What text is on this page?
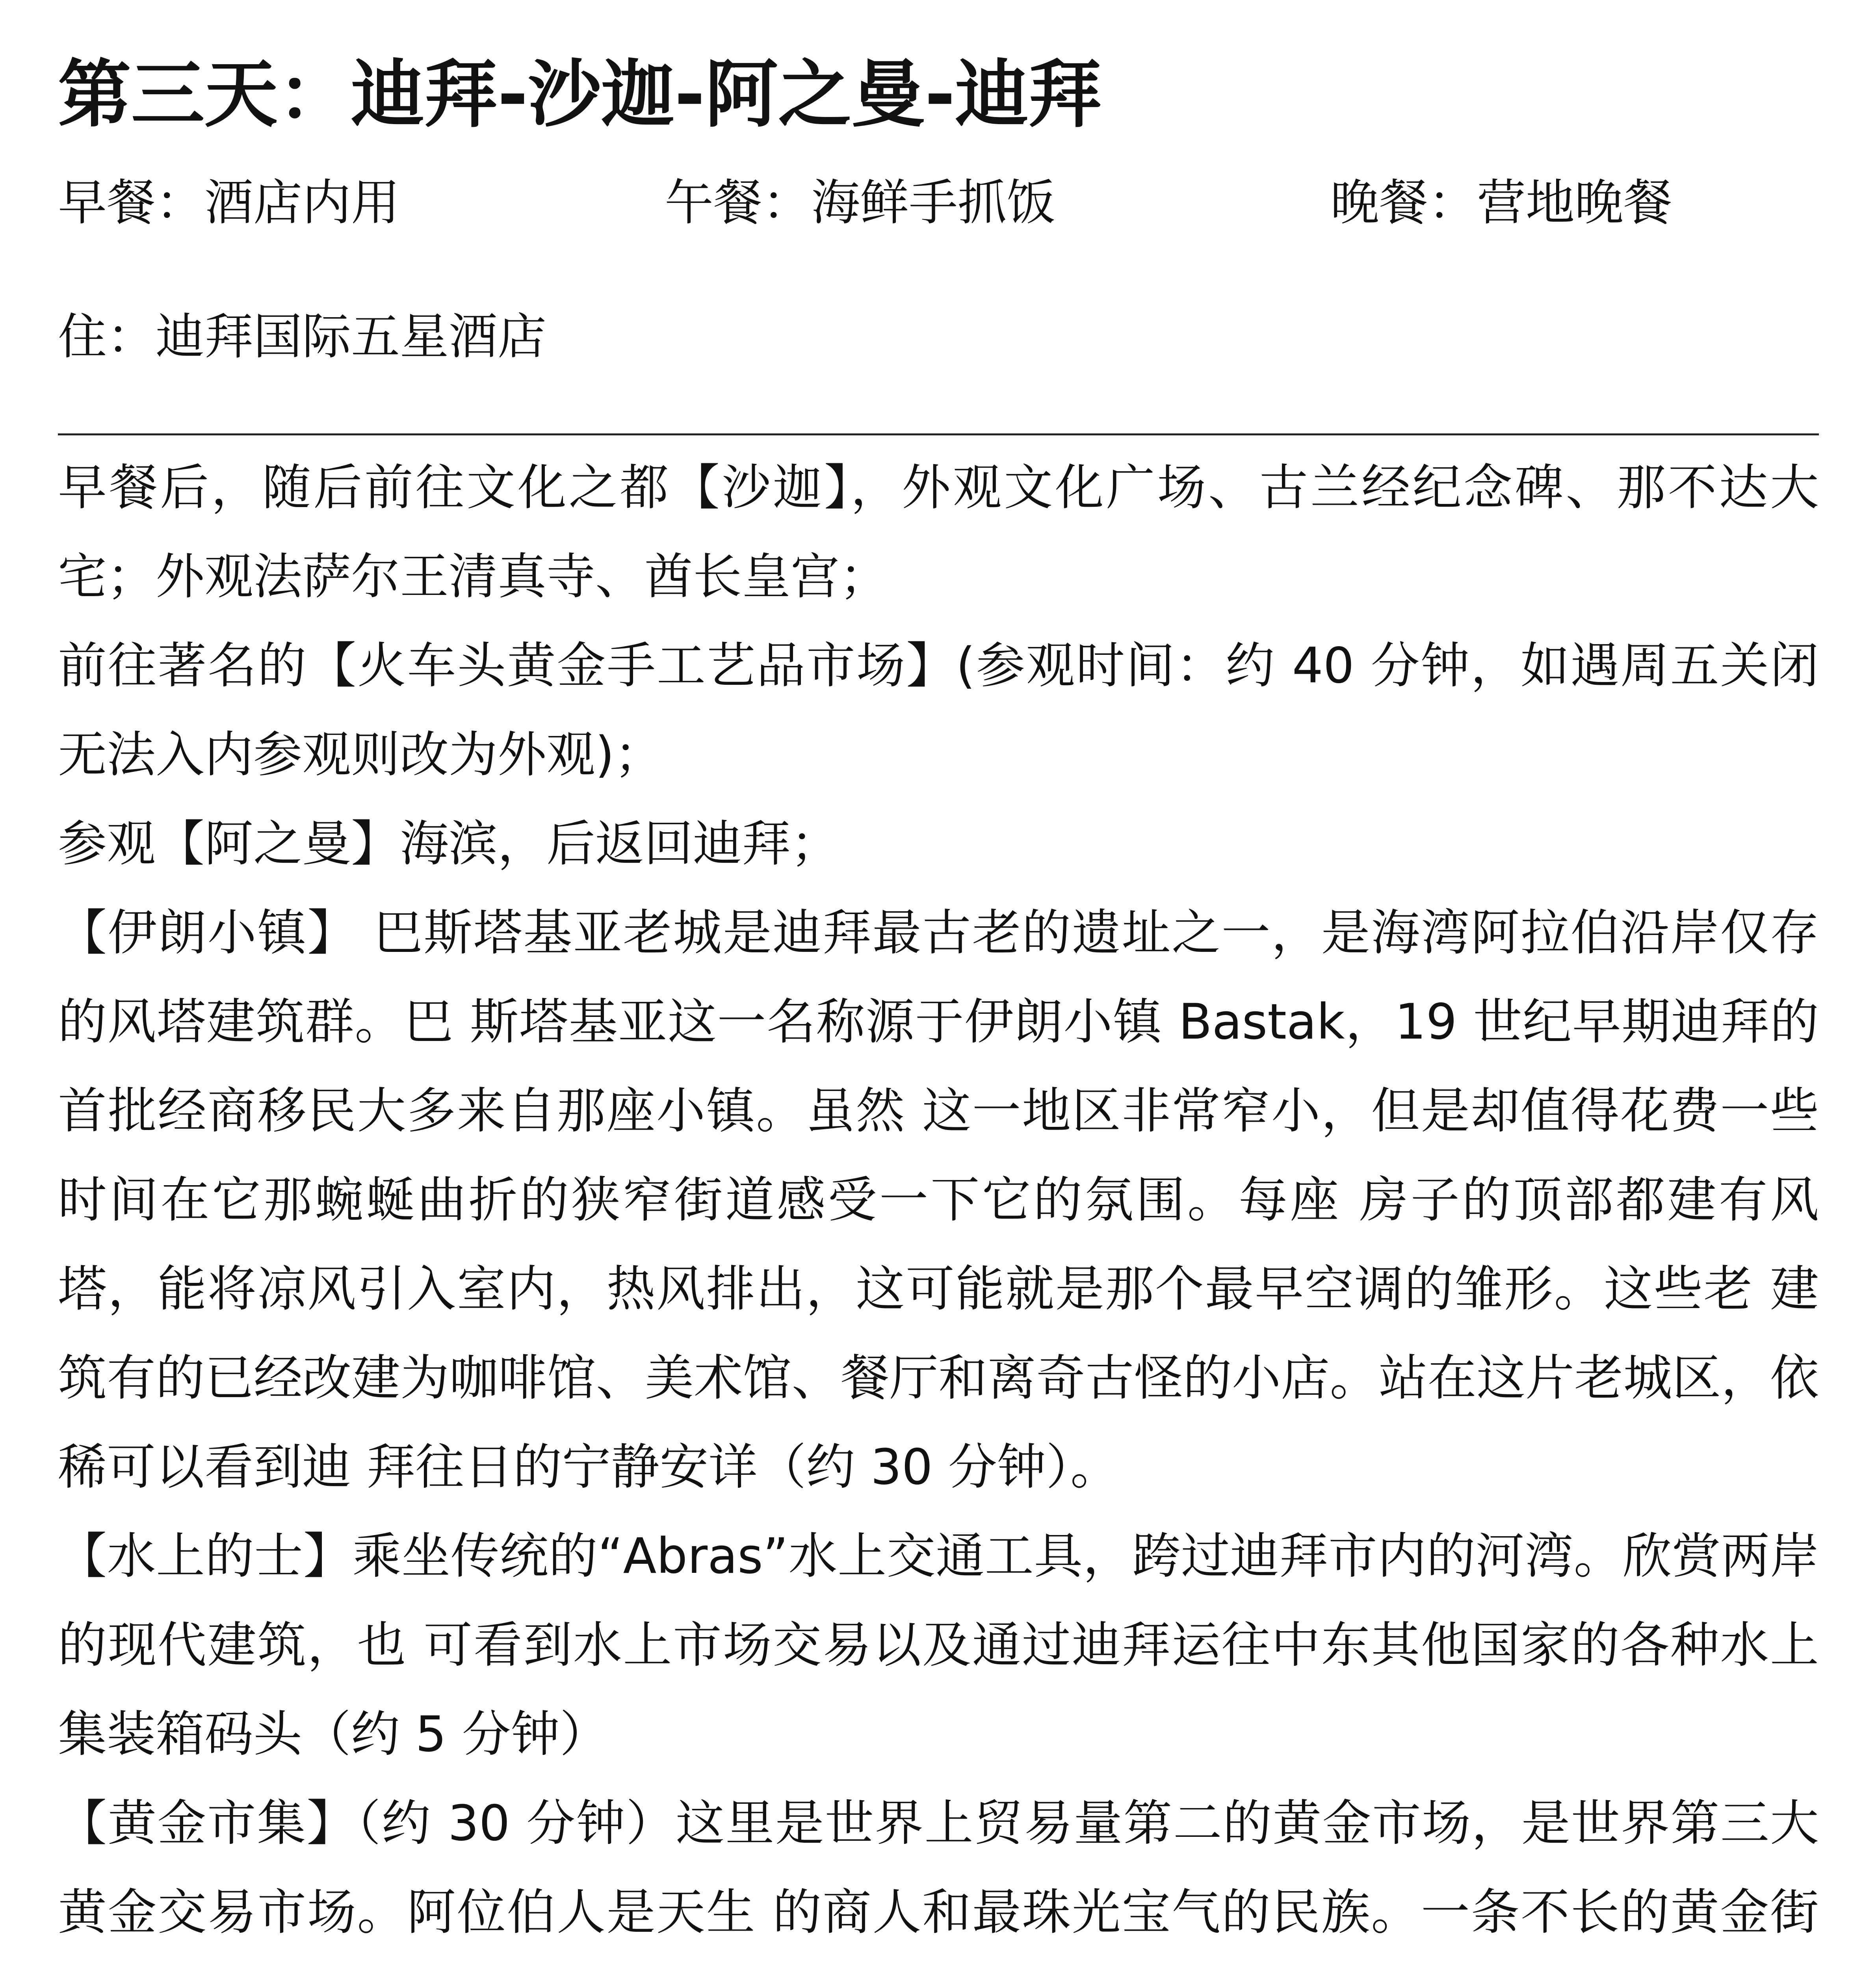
第三天：迪拜-沙迦-阿之曼-迪拜
早餐：酒店内用	午餐：海鲜手抓饭	晚餐：营地晚餐
住：迪拜国际五星酒店

早餐后，随后前往文化之都【沙迦】，外观文化广场、古兰经纪念碑、那不达大宅；外观法萨尔王清真寺、酋长皇宫；

前往著名的【火车头黄金手工艺品市场】(参观时间：约 40 分钟，如遇周五关闭无法入内参观则改为外观)；

参观【阿之曼】海滨，后返回迪拜；

【伊朗小镇】 巴斯塔基亚老城是迪拜最古老的遗址之一，是海湾阿拉伯沿岸仅存的风塔建筑群。巴 斯塔基亚这一名称源于伊朗小镇 Bastak，19 世纪早期迪拜的首批经商移民大多来自那座小镇。虽然 这一地区非常窄小，但是却值得花费一些时间在它那蜿蜒曲折的狭窄街道感受一下它的氛围。每座 房子的顶部都建有风塔，能将凉风引入室内，热风排出，这可能就是那个最早空调的雏形。这些老 建筑有的已经改建为咖啡馆、美术馆、餐厅和离奇古怪的小店。站在这片老城区，依稀可以看到迪 拜往日的宁静安详（约 30 分钟）。

【水上的士】乘坐传统的“Abras”水上交通工具，跨过迪拜市内的河湾。欣赏两岸的现代建筑，也 可看到水上市场交易以及通过迪拜运往中东其他国家的各种水上集装箱码头（约 5 分钟）

【黄金市集】（约 30 分钟）这里是世界上贸易量第二的黄金市场，是世界第三大黄金交易市场。阿位伯人是天生 的商人和最珠光宝气的民族。一条不长的黄金街
